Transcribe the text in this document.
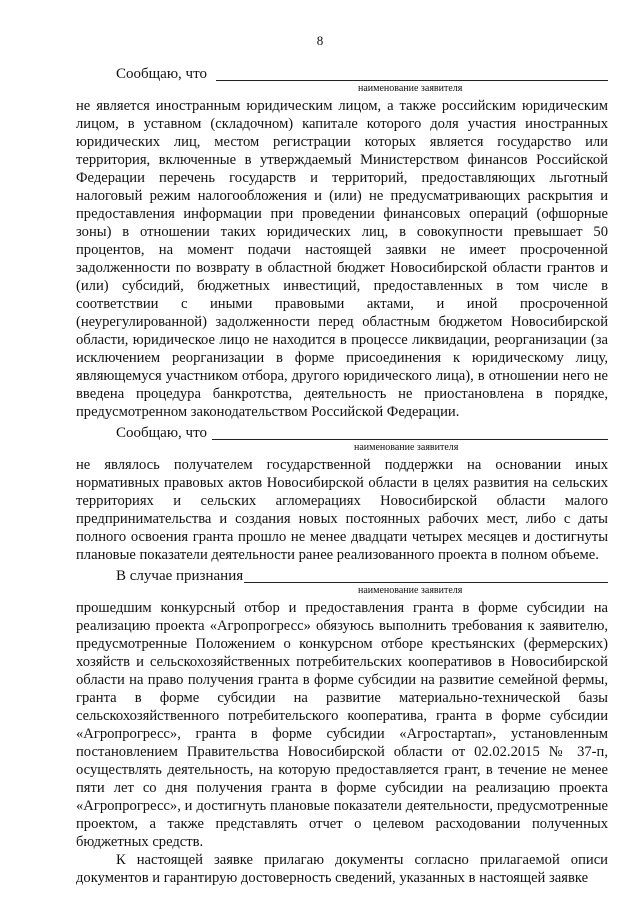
8
Сообщаю, что
наименование заявителя

не является иностранным юридическим лицом, а также российским юридическим лицом, в уставном (складочном) капитале которого доля участия иностранных юридических лиц, местом регистрации которых является государство или территория, включенные в утверждаемый Министерством финансов Российской Федерации перечень государств и территорий, предоставляющих льготный налоговый режим налогообложения и (или) не предусматривающих раскрытия и предоставления информации при проведении финансовых операций (офшорные зоны) в отношении таких юридических лиц, в совокупности превышает 50 процентов, на момент подачи настоящей заявки не имеет просроченной задолженности по возврату в областной бюджет Новосибирской области грантов и (или) субсидий, бюджетных инвестиций, предоставленных в том числе в соответствии с иными правовыми актами, и иной просроченной (неурегулированной) задолженности перед областным бюджетом Новосибирской области, юридическое лицо не находится в процессе ликвидации, реорганизации (за исключением реорганизации в форме присоединения к юридическому лицу, являющемуся участником отбора, другого юридического лица), в отношении него не введена процедура банкротства, деятельность не приостановлена в порядке, предусмотренном законодательством Российской Федерации.

Сообщаю, что
наименование заявителя

не являлось получателем государственной поддержки на основании иных нормативных правовых актов Новосибирской области в целях развития на сельских территориях и сельских агломерациях Новосибирской области малого предпринимательства и создания новых постоянных рабочих мест, либо с даты полного освоения гранта прошло не менее двадцати четырех месяцев и достигнуты плановые показатели деятельности ранее реализованного проекта в полном объеме.

В случае признания
наименование заявителя

прошедшим конкурсный отбор и предоставления гранта в форме субсидии на реализацию проекта «Агропрогресс» обязуюсь выполнить требования к заявителю, предусмотренные Положением о конкурсном отборе крестьянских (фермерских) хозяйств и сельскохозяйственных потребительских кооперативов в Новосибирской области на право получения гранта в форме субсидии на развитие семейной фермы, гранта в форме субсидии на развитие материально-технической базы сельскохозяйственного потребительского кооператива, гранта в форме субсидии «Агропрогресс», гранта в форме субсидии «Агростартап», установленным постановлением Правительства Новосибирской области от 02.02.2015 № 37-п, осуществлять деятельность, на которую предоставляется грант, в течение не менее пяти лет со дня получения гранта в форме субсидии на реализацию проекта «Агропрогресс», и достигнуть плановые показатели деятельности, предусмотренные проектом, а также представлять отчет о целевом расходовании полученных бюджетных средств.

К настоящей заявке прилагаю документы согласно прилагаемой описи документов и гарантирую достоверность сведений, указанных в настоящей заявке
